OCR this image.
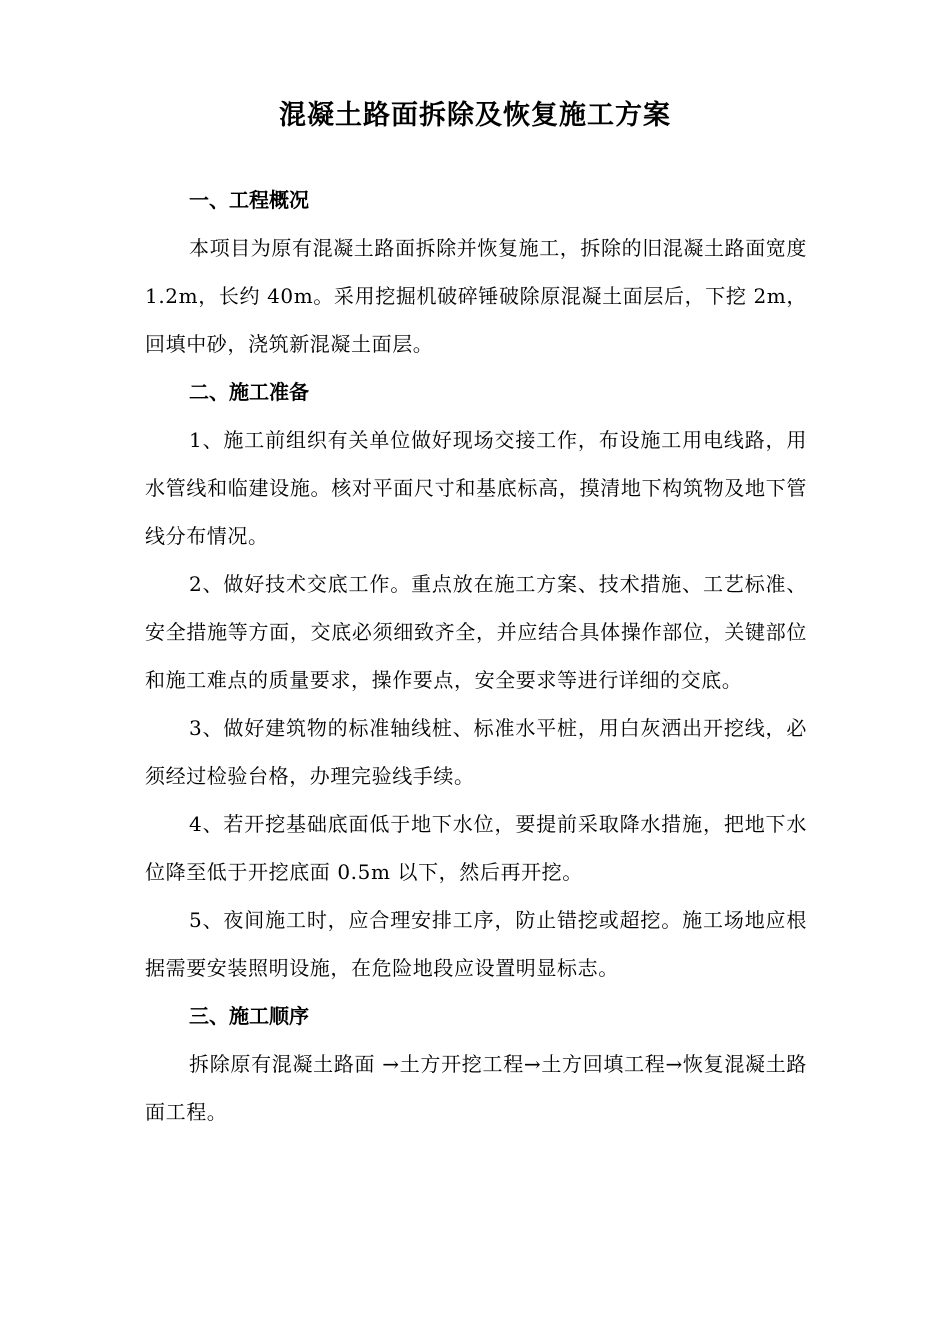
混凝土路面拆除及恢复施工方案

一、工程概况

本项目为原有混凝土路面拆除并恢复施工，拆除的旧混凝土路面宽度 1.2m，长约 40m。采用挖掘机破碎锤破除原混凝土面层后，下挖 2m，回填中砂，浇筑新混凝土面层。

二、施工准备

1、施工前组织有关单位做好现场交接工作，布设施工用电线路，用水管线和临建设施。核对平面尺寸和基底标高，摸清地下构筑物及地下管线分布情况。

2、做好技术交底工作。重点放在施工方案、技术措施、工艺标准、安全措施等方面，交底必须细致齐全，并应结合具体操作部位，关键部位和施工难点的质量要求，操作要点，安全要求等进行详细的交底。

3、做好建筑物的标准轴线桩、标准水平桩，用白灰洒出开挖线，必须经过检验台格，办理完验线手续。

4、若开挖基础底面低于地下水位，要提前采取降水措施，把地下水位降至低于开挖底面 0.5m 以下，然后再开挖。

5、夜间施工时，应合理安排工序，防止错挖或超挖。施工场地应根据需要安装照明设施，在危险地段应设置明显标志。

三、施工顺序

拆除原有混凝土路面 →土方开挖工程→土方回填工程→恢复混凝土路面工程。
